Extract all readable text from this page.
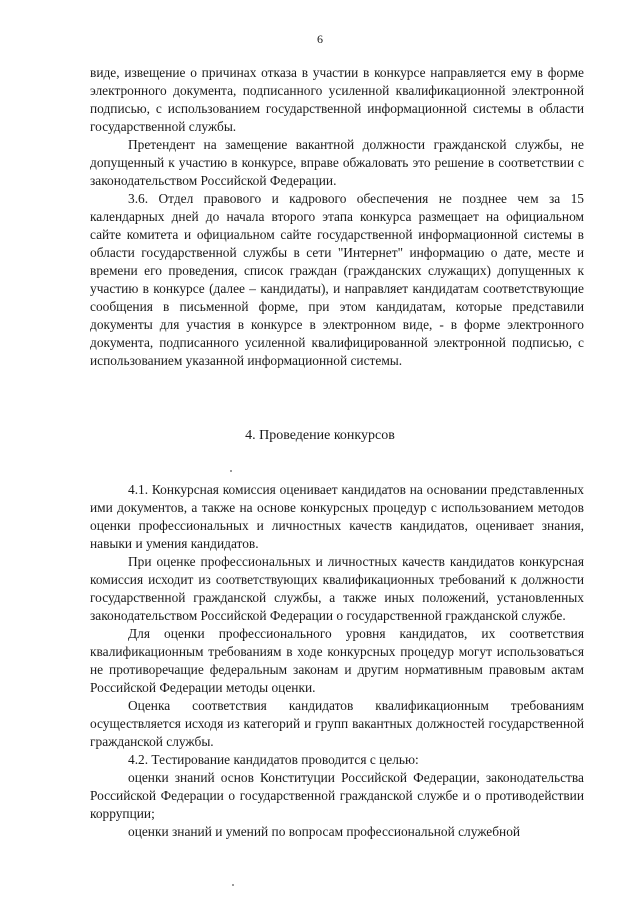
6

виде, извещение о причинах отказа в участии в конкурсе направляется ему в форме электронного документа, подписанного усиленной квалификационной электронной подписью, с использованием государственной информационной системы в области государственной службы.

Претендент на замещение вакантной должности гражданской службы, не допущенный к участию в конкурсе, вправе обжаловать это решение в соответствии с законодательством Российской Федерации.

3.6. Отдел правового и кадрового обеспечения не позднее чем за 15 календарных дней до начала второго этапа конкурса размещает на официальном сайте комитета и официальном сайте государственной информационной системы в области государственной службы в сети "Интернет" информацию о дате, месте и времени его проведения, список граждан (гражданских служащих) допущенных к участию в конкурсе (далее – кандидаты), и направляет кандидатам соответствующие сообщения в письменной форме, при этом кандидатам, которые представили документы для участия в конкурсе в электронном виде, - в форме электронного документа, подписанного усиленной квалифицированной электронной подписью, с использованием указанной информационной системы.

4. Проведение конкурсов

4.1. Конкурсная комиссия оценивает кандидатов на основании представленных ими документов, а также на основе конкурсных процедур с использованием методов оценки профессиональных и личностных качеств кандидатов, оценивает знания, навыки и умения кандидатов.

При оценке профессиональных и личностных качеств кандидатов конкурсная комиссия исходит из соответствующих квалификационных требований к должности государственной гражданской службы, а также иных положений, установленных законодательством Российской Федерации о государственной гражданской службе.

Для оценки профессионального уровня кандидатов, их соответствия квалификационным требованиям в ходе конкурсных процедур могут использоваться не противоречащие федеральным законам и другим нормативным правовым актам Российской Федерации методы оценки.

Оценка соответствия кандидатов квалификационным требованиям осуществляется исходя из категорий и групп вакантных должностей государственной гражданской службы.

4.2. Тестирование кандидатов проводится с целью:

оценки знаний основ Конституции Российской Федерации, законодательства Российской Федерации о государственной гражданской службе и о противодействии коррупции;

оценки знаний и умений по вопросам профессиональной служебной
